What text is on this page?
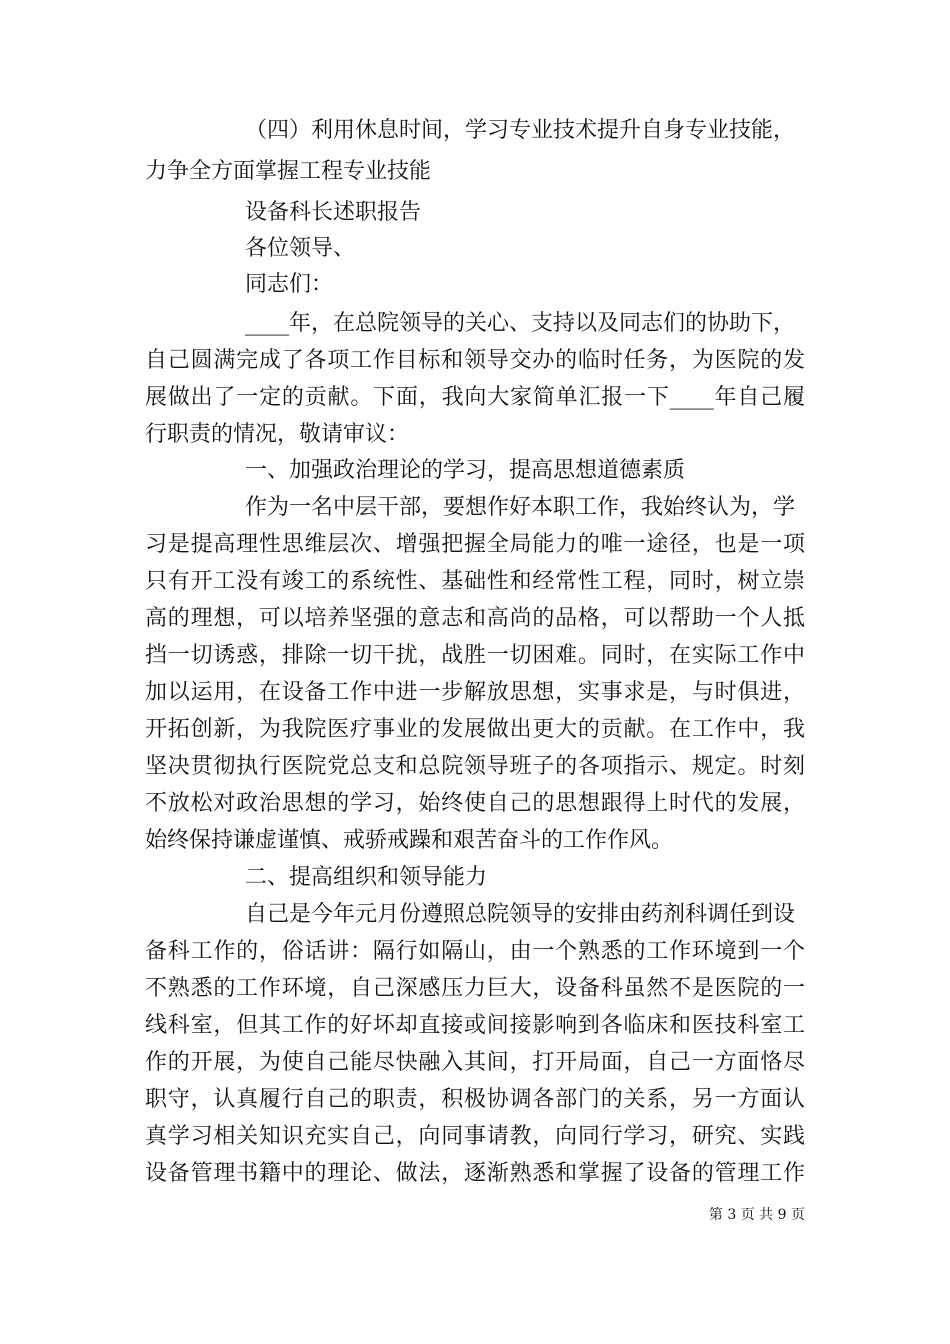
（四）利用休息时间，学习专业技术提升自身专业技能，
力争全方面掌握工程专业技能
设备科长述职报告
各位领导、
同志们：
____年，在总院领导的关心、支持以及同志们的协助下，
自己圆满完成了各项工作目标和领导交办的临时任务，为医院的发
展做出了一定的贡献。下面，我向大家简单汇报一下____年自己履
行职责的情况，敬请审议：
一、加强政治理论的学习，提高思想道德素质
作为一名中层干部，要想作好本职工作，我始终认为，学
习是提高理性思维层次、增强把握全局能力的唯一途径，也是一项
只有开工没有竣工的系统性、基础性和经常性工程，同时，树立崇
高的理想，可以培养坚强的意志和高尚的品格，可以帮助一个人抵
挡一切诱惑，排除一切干扰，战胜一切困难。同时，在实际工作中
加以运用，在设备工作中进一步解放思想，实事求是，与时俱进，
开拓创新，为我院医疗事业的发展做出更大的贡献。在工作中，我
坚决贯彻执行医院党总支和总院领导班子的各项指示、规定。时刻
不放松对政治思想的学习，始终使自己的思想跟得上时代的发展，
始终保持谦虚谨慎、戒骄戒躁和艰苦奋斗的工作作风。
二、提高组织和领导能力
自己是今年元月份遵照总院领导的安排由药剂科调任到设
备科工作的，俗话讲：隔行如隔山，由一个熟悉的工作环境到一个
不熟悉的工作环境，自己深感压力巨大，设备科虽然不是医院的一
线科室，但其工作的好坏却直接或间接影响到各临床和医技科室工
作的开展，为使自己能尽快融入其间，打开局面，自己一方面恪尽
职守，认真履行自己的职责，积极协调各部门的关系，另一方面认
真学习相关知识充实自己，向同事请教，向同行学习，研究、实践
设备管理书籍中的理论、做法，逐渐熟悉和掌握了设备的管理工作
第 3 页 共 9 页
